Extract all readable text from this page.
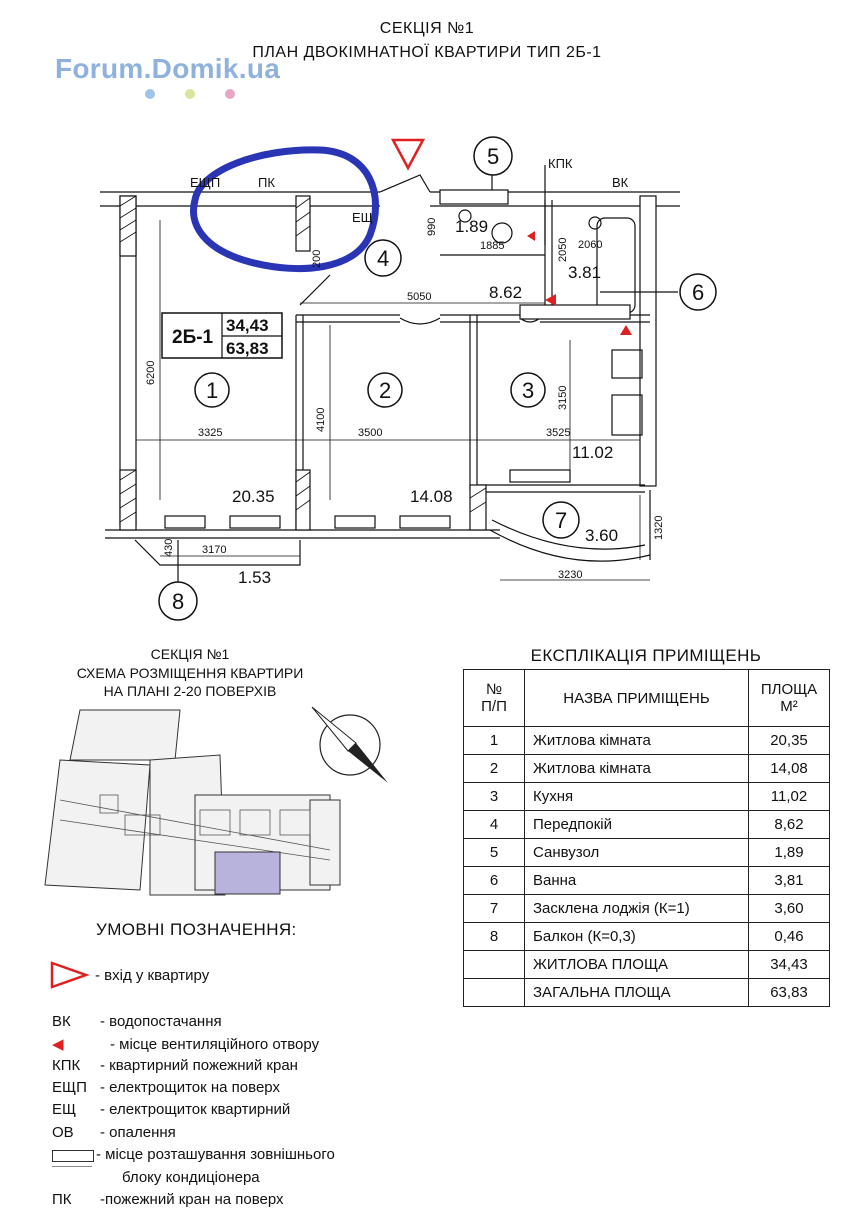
СЕКЦІЯ №1
ПЛАН ДВОКІМНАТНОЇ КВАРТИРИ ТИП 2Б-1
Forum.Domik.ua
2Б-1
34,43
63,83
1	2	3
4
5
6
7
8
20.35	14.08
11.02
8.62
1.89
3.81
3.60
1.53
ЕЩП	ПК
ЕЩ
КПК
ВК
990
1885	2050 2060
200
5050
6200
4100
3150
3325	3500	3525
430 3170
1320
3230
СЕКЦІЯ №1
СХЕМА РОЗМІЩЕННЯ КВАРТИРИ
НА ПЛАНІ 2-20 ПОВЕРХІВ
ЕКСПЛІКАЦІЯ ПРИМІЩЕНЬ
№
П/П	НАЗВА ПРИМІЩЕНЬ	ПЛОЩА
М²
1	Житлова кімната	20,35
2	Житлова кімната	14,08
3	Кухня	11,02
4	Передпокій	8,62
5	Санвузол	1,89
6	Ванна	3,81
7	Засклена лоджія (К=1)	3,60
8	Балкон (К=0,3)	0,46
	ЖИТЛОВА ПЛОЩА	34,43
	ЗАГАЛЬНА ПЛОЩА	63,83
УМОВНІ ПОЗНАЧЕННЯ:
- вхід у квартиру
ВК - водопостачання
◀	- місце вентиляційного отвору
КПК - квартирний пожежний кран
ЕЩП - електрощиток на поверх
ЕЩ - електрощиток квартирний
ОВ - опалення
- місце розташування зовнішнього
блоку кондиціонера
ПК -пожежний кран на поверх
